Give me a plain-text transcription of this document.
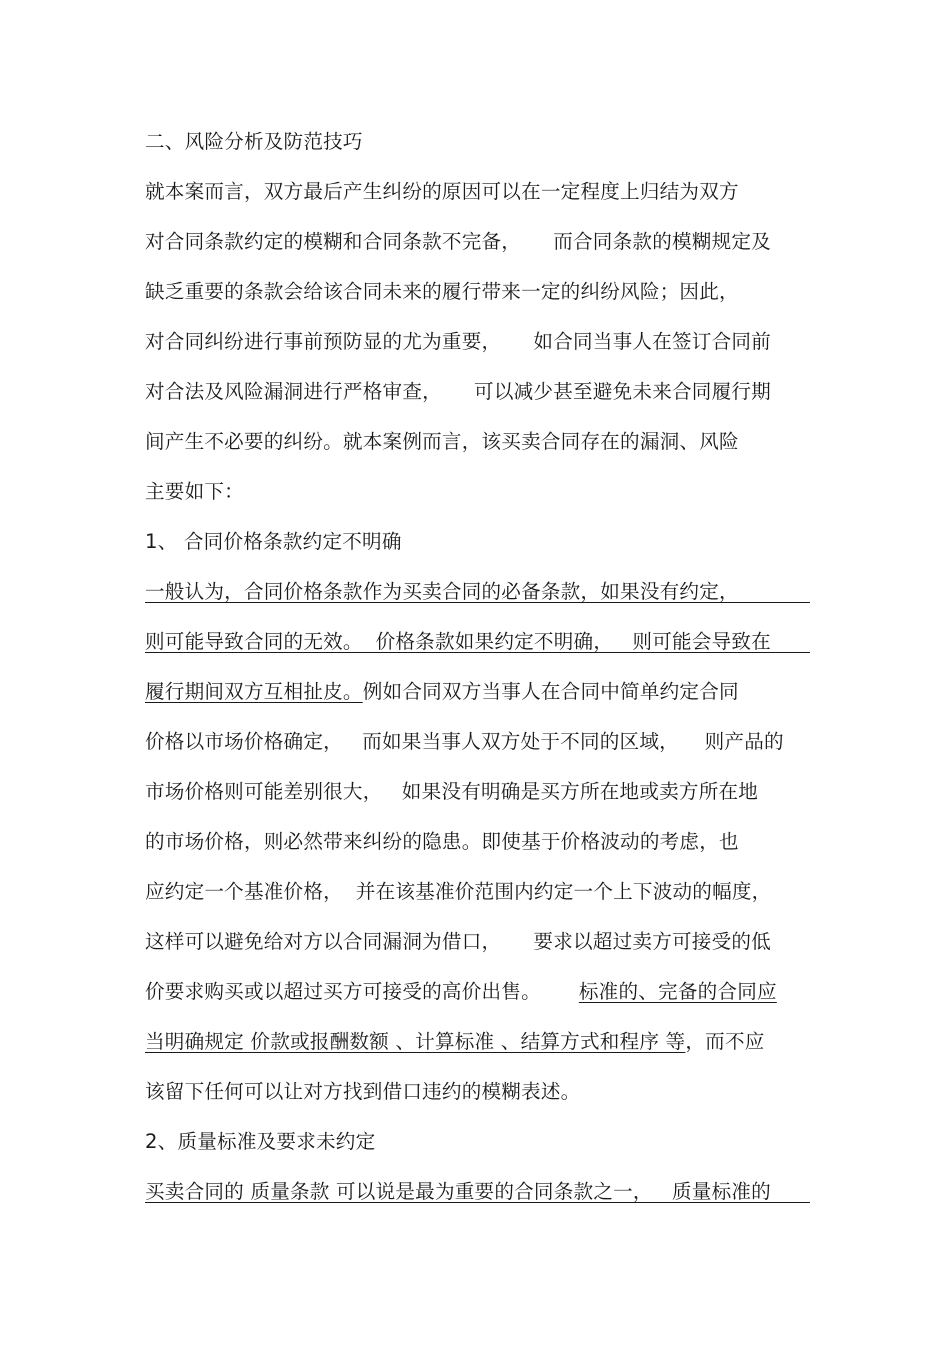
二、风险分析及防范技巧
就本案而言，双方最后产生纠纷的原因可以在一定程度上归结为双方
对合同条款约定的模糊和合同条款不完备，     而合同条款的模糊规定及
缺乏重要的条款会给该合同未来的履行带来一定的纠纷风险；因此，
对合同纠纷进行事前预防显的尤为重要，     如合同当事人在签订合同前
对合法及风险漏洞进行严格审查，     可以减少甚至避免未来合同履行期
间产生不必要的纠纷。就本案例而言，该买卖合同存在的漏洞、风险
主要如下：
1、 合同价格条款约定不明确
一般认为，合同价格条款作为买卖合同的必备条款，如果没有约定，
则可能导致合同的无效。  价格条款如果约定不明确，   则可能会导致在
履行期间双方互相扯皮。例如合同双方当事人在合同中简单约定合同
价格以市场价格确定，   而如果当事人双方处于不同的区域，    则产品的
市场价格则可能差别很大，   如果没有明确是买方所在地或卖方所在地
的市场价格，则必然带来纠纷的隐患。即使基于价格波动的考虑，也
应约定一个基准价格，  并在该基准价范围内约定一个上下波动的幅度，
这样可以避免给对方以合同漏洞为借口，     要求以超过卖方可接受的低
价要求购买或以超过买方可接受的高价出售。 标准的、完备的合同应
当明确规定 价款或报酬数额 、计算标准 、结算方式和程序 等，而不应
该留下任何可以让对方找到借口违约的模糊表述。
2、质量标准及要求未约定
买卖合同的 质量条款 可以说是最为重要的合同条款之一，   质量标准的
